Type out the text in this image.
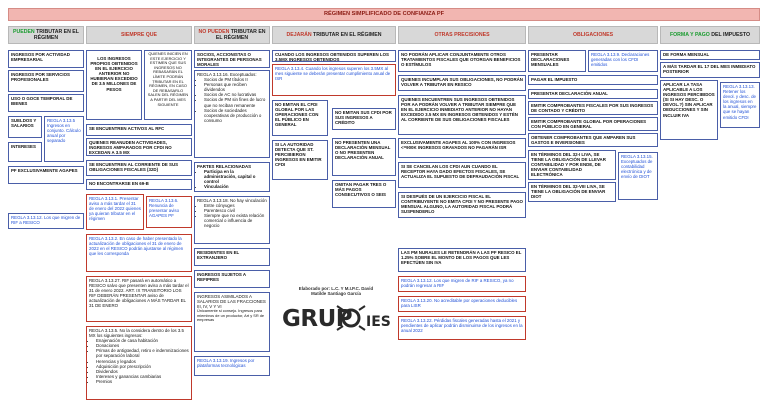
RÉGIMEN SIMPLIFICADO DE CONFIANZA PF
PUEDEN TRIBUTAR EN EL RÉGIMEN	SIEMPRE QUE	NO PUEDEN TRIBUTAR EN EL RÉGIMEN	DEJARÁN TRIBUTAR EN EL RÉGIMEN	OTRAS PRECISIONES	OBLIGACIONES	FORMA Y PAGO DEL IMPUESTO
INGRESOS POR ACTIVIDAD EMPRESARIAL
INGRESOS POR SERVICIOS PROFESIONALES
USO O GOCE TEMPORAL DE BIENES
SUELDOS Y SALARIOS
REGLA 3.13.5 Ingresos en conjunto. Cálculo anual por separado
INTERESES
PF EXCLUSIVAMENTE AGAPES
REGLA 3.13.12. Los que migren de RIF a RESICO
LOS INGRESOS PROPIOS OBTENIDOS EN EL EJERCICIO ANTERIOR NO HUBIERAN EXCEDIDO DE 3.5 MILLONES DE PESOS
QUIENES INICIEN EN ESTE EJERCICIO Y ESTIMEN QUE SUS INGRESOS NO REBASARÁN EL LÍMITE PODRÁN TRIBUTAR EN EL RÉGIMEN, EN CASO DE REBASARLO SALEN DEL RÉGIMEN A PARTIR DEL MES SIGUIENTE
SE ENCUENTREN ACTIVOS AL RFC
QUIENES REANUDEN ACTIVIDADES, INGRESOS AMPARADOS POR CFDI NO EXCEDAN A 3.5 MX
SE ENCUENTREN AL CORRIENTE DE SUS OBLIGACIONES FISCALES (32D)
NO ENCONTRARSE EN 69-B
REGLA 3.13.1. Presentar aviso a más tardar el 31 de enero del 2022 quienes ya quieran tributar en el régimen
REGLA 3.13.6. Renuncia de presentar aviso AGAPES PF
REGLA 3.13.2. En caso de haber presentado la actualización de obligaciones el 31 de enero de 2022 en el RESICO podrán ajustarse al régimen que les corresponda
REGLA 3.13.27. RIF pasará en automático a RESICO salvo que presenten aviso a más tardar el 31 de enero 2022. ART. IX TRANSITORIO LOS RIF DEBERÁN PRESENTAR aviso de actualización de obligaciones A MÁS TARDAR EL 31 DE ENERO
REGLA 3.13.5. No la considera dentro de los 3.5 MX los siguientes ingresos:
• Enajenación de casa habitación
• Donaciones
• Primas de antigüedad, retiro e indemnizaciones por separación laboral
• Herencias y legados
• Adquisición por prescripción
• Dividendos
• Intereses y ganancias cambiarias
• Premios
SOCIOS, ACCIONISTAS O INTEGRANTES DE PERSONAS MORALES
REGLA 3.13.16. Exceptuados:
• Socios de PM títulos II
• Personas que reciben dividendos
• Socios de AC no lucrativas
• Socios de PM sin fines de lucro que no reciban remanente
• Socios de sociedades cooperativas de producción o consumo
PARTES RELACIONADAS
• Participa en la administración, capital o control
• Vinculación
REGLA 3.13.18. No hay vinculación
• Entre cónyuges
• Parentesco civil
• Siempre que no exista relación comercial o influencia de negocio
RESIDENTES EN EL EXTRANJERO
INGRESOS SUJETOS A REFIPRES
INGRESOS ASIMILADOS A SALARIOS DE LAS FRACCIONES III, IV, V Y VI
Únicamente si consejo. Ingresos para miembros de un productor, Art y SR de empresas
REGLA 3.13.19. Ingresos por plataformas tecnológicas
CUANDO LOS INGRESOS OBTENIDOS SUPEREN LOS 3.5MX INGRESOS OBTENIDOS
REGLA 3.13.4. Cuando los ingresos superen los 3.5MX al mes siguiente se deberán presentar cumplimiento anual de ISR
NO EMITAN EL CFDI GLOBAL POR LAS OPERACIONES CON EL PÚBLICO EN GENERAL
NO EMITAN SUS CFDI POR SUS INGRESOS A CRÉDITO
SI LA AUTORIDAD DETECTA QUE ST. PERCIBIERON INGRESOS EN EMITIR CFDI
NO PRESENTEN UNA DECLARACIÓN MENSUAL O NO PRESENTEN DECLARACIÓN ANUAL
OMITAN PAGAR TRES O MÁS PAGOS CONSECUTIVOS O SEIS
NO PODRÁN APLICAR CONJUNTAMENTE OTROS TRATAMIENTOS FISCALES QUE OTORGAN BENEFICIOS O ESTÍMULOS
QUIENES INCUMPLAN SUS OBLIGACIONES, NO PODRÁN VOLVER A TRIBUTAR EN RESICO
QUIENES ENCUENTREN SUS INGRESOS OBTENIDOS POR AA PODRÁN VOLVER A TRIBUTAR SIEMPRE QUE EN EL EJERCICIO INMEDIATO ANTERIOR NO HAYAN EXCEDIDO 3.5 MX EN INGRESOS OBTENIDOS Y ESTÉN AL CORRIENTE DE SUS OBLIGACIONES FISCALES
EXCLUSIVAMENTE AGAPES AL 100% CON INGRESOS <=900K INGRESOS GRAVADOS NO PAGARÁN ISR
SI SE CANCELAN LOS CFDI AUN CUANDO EL RECEPTOR HAYA DADO EFECTOS FISCALES, SE ACTUALIZA EL SUPUESTO DE DEFRAUDACIÓN FISCAL
SI DESPUÉS DE UN EJERCICIO FISCAL EL CONTRIBUYENTE NO EMITA CFDI Y NO PRESENTE PAGO MENSUAL ALGUNO, LA AUTORIDAD FISCAL PODRÁ SUSPENDERLO
LAS PM NURALES LE RETENDRÁN A LAS PF RESICO EL 1.25% SOBRE EL MONTO DE LOS PAGOS QUE LES EFECTÚEN SIN IVA
REGLA 3.13.12. Los que migren de RIF a RESICO, ya no podrán regresar a RIF
REGLA 3.13.20. No acreditable por operaciones deducibles para LISR
REGLA 3.13.22. Pérdidas fiscales generadas hasta el 2021 y pendientes de aplicar podrán disminuirse de los ingresos en la anual 2022
PRESENTAR DECLARACIONES MENSUALES
REGLA 3.13.9. Declaraciones generadas con los CFDI emitidos
PAGAR EL IMPUESTO
PRESENTAR DECLARACIÓN ANUAL
EMITIR COMPROBANTES FISCALES POR SUS INGRESOS DE CONTADO Y CRÉDITO
EMITIR COMPROBANTE GLOBAL POR OPERACIONES CON PÚBLICO EN GENERAL
OBTENER COMPROBANTES QUE AMPAREN SUS GASTOS E INVERSIONES
EN TÉRMINOS DEL 32-I LIVA, SE TIENE LA OBLIGACIÓN DE LLEVAR CONTABILIDAD Y POR ENDE, DE ENVIAR CONTABILIDAD ELECTRÓNICA
REGLA 3.13.15. Exceptuados de contabilidad electrónica y de envío de DIOT
EN TÉRMINOS DEL 32-VIII LIVA, SE TIENE LA OBLIGACIÓN DE ENVIAR DIOT
DE FORMA MENSUAL
A MÁS TARDAR EL 17 DEL MES INMEDIATO POSTERIOR
APLICAR LA TASA APLICABLE A LOS INGRESOS PERCIBIDOS (SI SI HAY DESC. O DEVOL.?) SIN APLICAR DEDUCCIONES Y SIN INCLUIR IVA
REGLA 3.13.13. Retener los devol. y desc. de los ingresos en la anual, siempre que se hayan emitido CFDI
Elaborado por: L.C. Y M.I.P.C. David
Matilde Santiago García
GRUP IES
